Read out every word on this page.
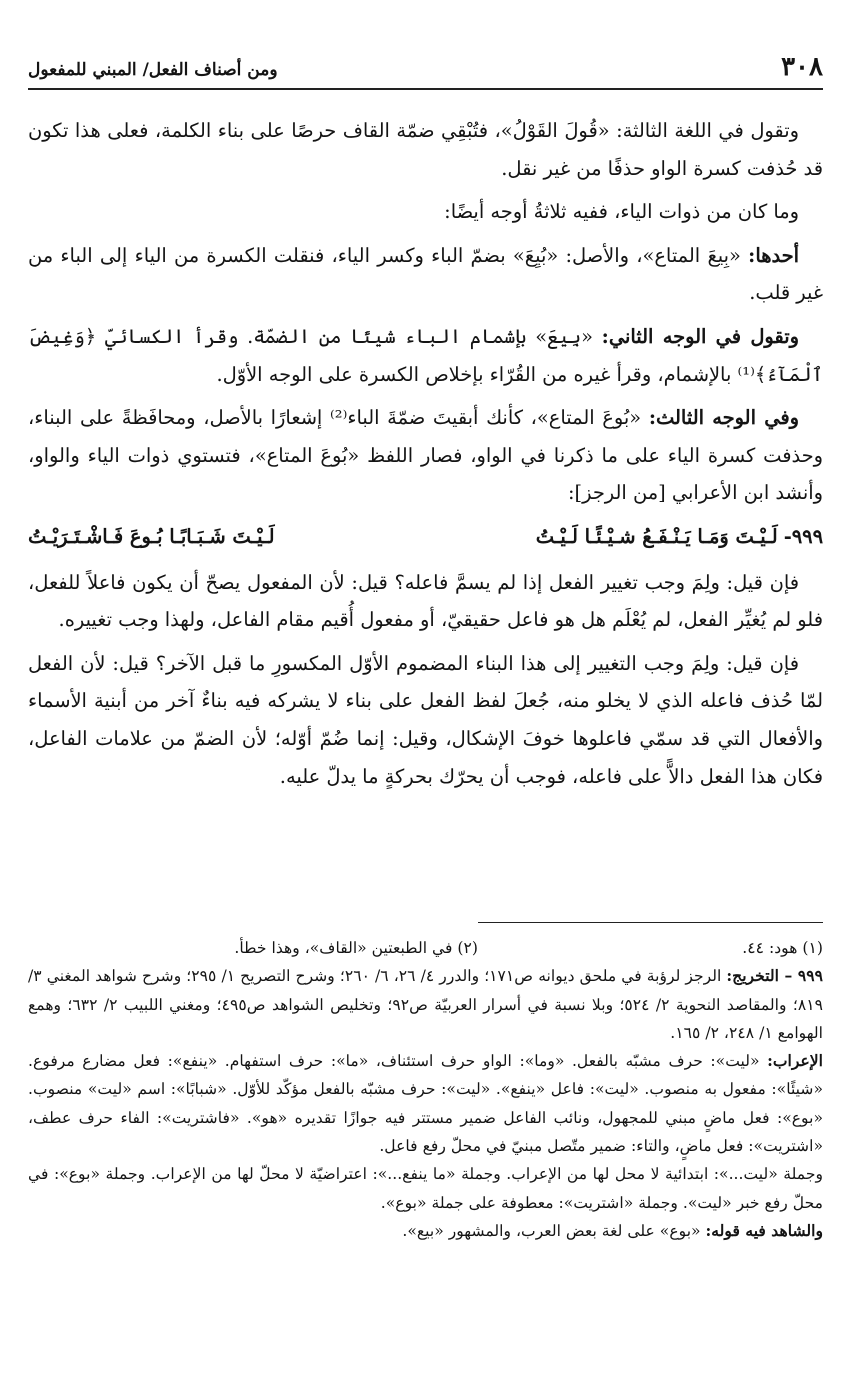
٣٠٨
ومن أصناف الفعل/ المبني للمفعول

وتقول في اللغة الثالثة: «قُولَ القَوْلُ»، فتُبْقِي ضمّة القاف حرصًا على بناء الكلمة، فعلى هذا تكون قد حُذفت كسرة الواو حذفًا من غير نقل.

وما كان من ذوات الياء، ففيه ثلاثةُ أوجه أيضًا:

أحدها: «بِيعَ المتاع»، والأصل: «بُيِعَ» بضمّ الباء وكسر الياء، فنقلت الكسرة من الياء إلى الباء من غير قلب.

وتقول في الوجه الثاني: «بِيعَ» بإشمام الباء شيئًا من الضمّة. وقرأ الكسائيّ ﴿وَغِيضَ ٱلْمَآءُ﴾⁽¹⁾ بالإشمام، وقرأ غيره من القُرّاء بإخلاص الكسرة على الوجه الأوّل.

وفي الوجه الثالث: «بُوعَ المتاع»، كأنك أبقيتَ ضمّةَ الباء⁽²⁾ إشعارًا بالأصل، ومحافَظةً على البناء، وحذفت كسرة الياء على ما ذكرنا في الواو، فصار اللفظ «بُوعَ المتاع»، فتستوي ذوات الياء والواو، وأنشد ابن الأعرابي [من الرجز]:

٩٩٩-لَـيْـتَ وَمَـا يَـنْـفَـعُ شـيْـئًـا لَـيْـتُ
لَـيْـتَ شَـبَـابًـا بُـوعَ فَـاشْـتَـرَيْـتُ

فإن قيل: ولِمَ وجب تغيير الفعل إذا لم يسمَّ فاعله؟ قيل: لأن المفعول يصحّ أن يكون فاعلاً للفعل، فلو لم يُغيِّر الفعل، لم يُعْلَم هل هو فاعل حقيقيّ، أو مفعول أُقيم مقام الفاعل، ولهذا وجب تغييره.

فإن قيل: ولِمَ وجب التغيير إلى هذا البناء المضموم الأوّل المكسورِ ما قبل الآخر؟ قيل: لأن الفعل لمّا حُذف فاعله الذي لا يخلو منه، جُعلَ لفظ الفعل على بناء لا يشركه فيه بناءٌ آخر من أبنية الأسماء والأفعال التي قد سمّي فاعلوها خوفَ الإشكال، وقيل: إنما ضُمّ أوّله؛ لأن الضمّ من علامات الفاعل، فكان هذا الفعل دالاًّ على فاعله، فوجب أن يحرّك بحركةٍ ما يدلّ عليه.

(١) هود: ٤٤.
(٢) في الطبعتين «القاف»، وهذا خطأ.

٩٩٩ – التخريج: الرجز لرؤبة في ملحق ديوانه ص١٧١؛ والدرر ٤/ ٢٦، ٦/ ٢٦٠؛ وشرح التصريح ١/ ٢٩٥؛ وشرح شواهد المغني ٣/ ٨١٩؛ والمقاصد النحوية ٢/ ٥٢٤؛ وبلا نسبة في أسرار العربيّة ص٩٢؛ وتخليص الشواهد ص٤٩٥؛ ومغني اللبيب ٢/ ٦٣٢؛ وهمع الهوامع ١/ ٢٤٨، ٢/ ١٦٥.

الإعراب: «ليت»: حرف مشبّه بالفعل. «وما»: الواو حرف استئناف، «ما»: حرف استفهام. «ينفع»: فعل مضارع مرفوع. «شيئًا»: مفعول به منصوب. «ليت»: فاعل «ينفع». «ليت»: حرف مشبّه بالفعل مؤكّد للأوّل. «شبابًا»: اسم «ليت» منصوب. «بوع»: فعل ماضٍ مبني للمجهول، ونائب الفاعل ضمير مستتر فيه جوازًا تقديره «هو». «فاشتريت»: الفاء حرف عطف، «اشتريت»: فعل ماضٍ، والتاء: ضمير متّصل مبنيّ في محلّ رفع فاعل.

وجملة «ليت...»: ابتدائية لا محل لها من الإعراب. وجملة «ما ينفع...»: اعتراضيّة لا محلّ لها من الإعراب. وجملة «بوع»: في محلّ رفع خبر «ليت». وجملة «اشتريت»: معطوفة على جملة «بوع».

والشاهد فيه قوله: «بوع» على لغة بعض العرب، والمشهور «بيع».
